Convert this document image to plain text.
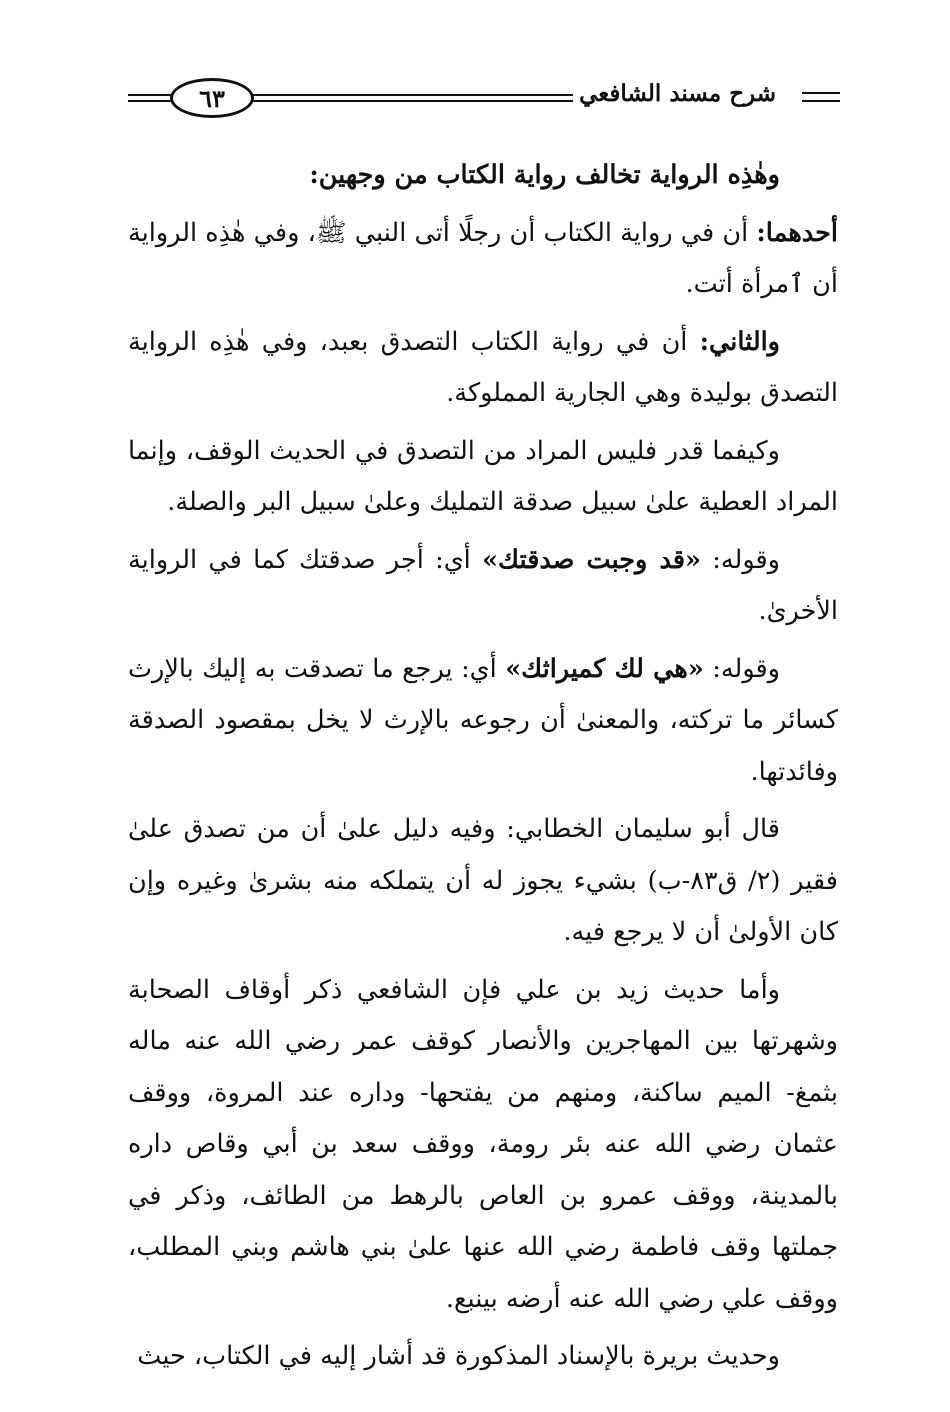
شرح مسند الشافعي
٦٣

وهٰذِه الرواية تخالف رواية الكتاب من وجهين:

أحدهما: أن في رواية الكتاب أن رجلًا أتى النبي ﷺ، وفي هٰذِه الرواية أن ٱمرأة أتت.

والثاني: أن في رواية الكتاب التصدق بعبد، وفي هٰذِه الرواية التصدق بوليدة وهي الجارية المملوكة.

وكيفما قدر فليس المراد من التصدق في الحديث الوقف، وإنما المراد العطية علىٰ سبيل صدقة التمليك وعلىٰ سبيل البر والصلة.

وقوله: «قد وجبت صدقتك» أي: أجر صدقتك كما في الرواية الأخرىٰ.

وقوله: «هي لك كميراثك» أي: يرجع ما تصدقت به إليك بالإرث كسائر ما تركته، والمعنىٰ أن رجوعه بالإرث لا يخل بمقصود الصدقة وفائدتها.

قال أبو سليمان الخطابي: وفيه دليل علىٰ أن من تصدق علىٰ فقير (٢/ ق٨٣-ب) بشيء يجوز له أن يتملكه منه بشرىٰ وغيره وإن كان الأولىٰ أن لا يرجع فيه.

وأما حديث زيد بن علي فإن الشافعي ذكر أوقاف الصحابة وشهرتها بين المهاجرين والأنصار كوقف عمر رضي الله عنه ماله بثمغ- الميم ساكنة، ومنهم من يفتحها- وداره عند المروة، ووقف عثمان رضي الله عنه بئر رومة، ووقف سعد بن أبي وقاص داره بالمدينة، ووقف عمرو بن العاص بالرهط من الطائف، وذكر في جملتها وقف فاطمة رضي الله عنها علىٰ بني هاشم وبني المطلب، ووقف علي رضي الله عنه أرضه بينبع.

وحديث بريرة بالإسناد المذكورة قد أشار إليه في الكتاب، حيث
